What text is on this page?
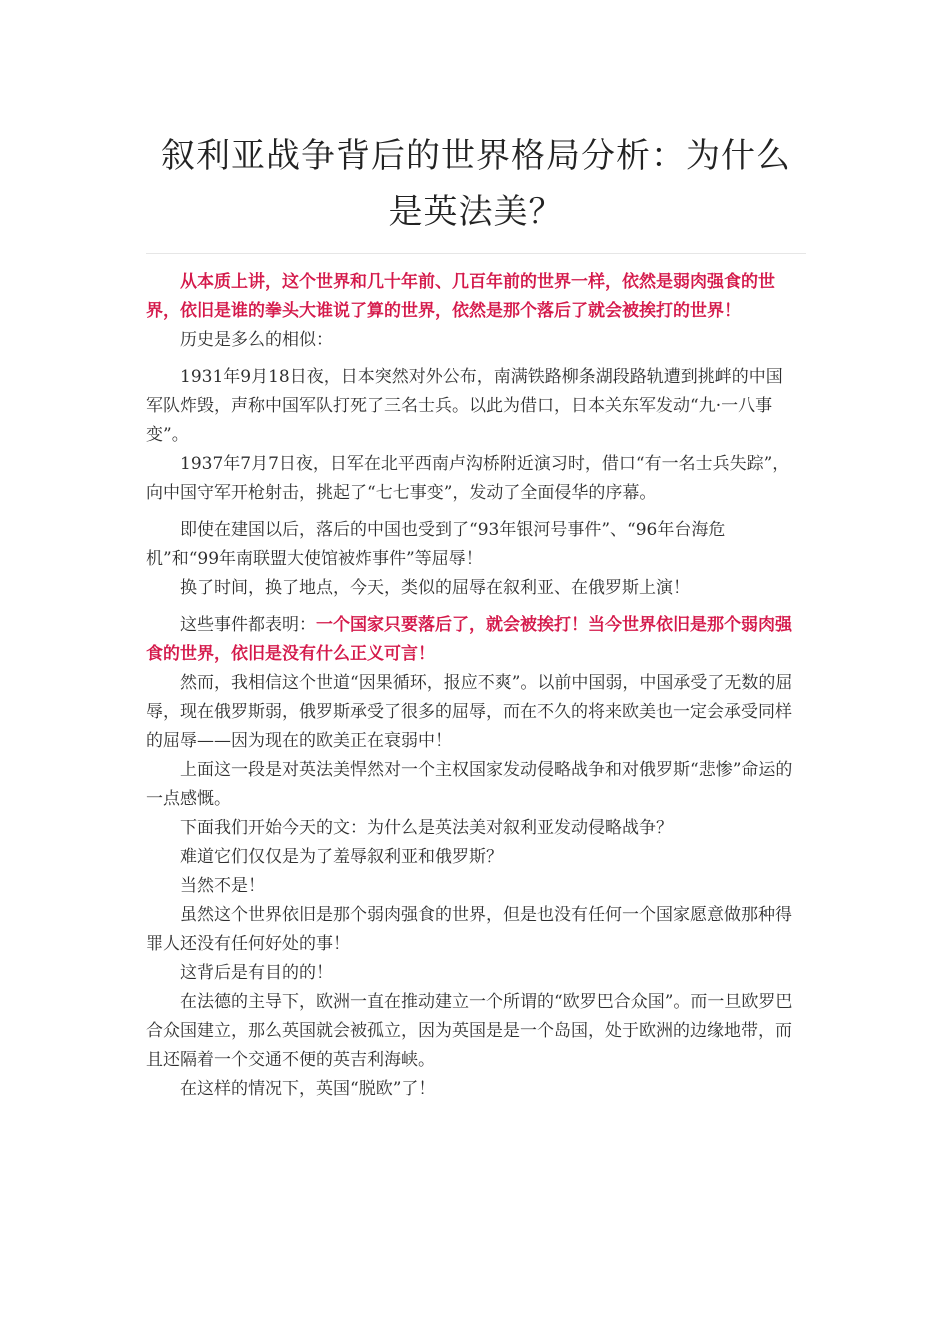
叙利亚战争背后的世界格局分析：为什么
是英法美？

从本质上讲，这个世界和几十年前、几百年前的世界一样，依然是弱肉强食的世界，依旧是谁的拳头大谁说了算的世界，依然是那个落后了就会被挨打的世界！

历史是多么的相似：

1931年9月18日夜，日本突然对外公布，南满铁路柳条湖段路轨遭到挑衅的中国军队炸毁，声称中国军队打死了三名士兵。以此为借口，日本关东军发动“九·一八事变”。

1937年7月7日夜，日军在北平西南卢沟桥附近演习时，借口“有一名士兵失踪”，向中国守军开枪射击，挑起了“七七事变”，发动了全面侵华的序幕。

即使在建国以后，落后的中国也受到了“93年银河号事件”、“96年台海危机”和“99年南联盟大使馆被炸事件”等屈辱！

换了时间，换了地点，今天，类似的屈辱在叙利亚、在俄罗斯上演！

这些事件都表明：一个国家只要落后了，就会被挨打！当今世界依旧是那个弱肉强食的世界，依旧是没有什么正义可言！

然而，我相信这个世道“因果循环，报应不爽”。以前中国弱，中国承受了无数的屈辱，现在俄罗斯弱，俄罗斯承受了很多的屈辱，而在不久的将来欧美也一定会承受同样的屈辱——因为现在的欧美正在衰弱中！

上面这一段是对英法美悍然对一个主权国家发动侵略战争和对俄罗斯“悲惨”命运的一点感慨。

下面我们开始今天的文：为什么是英法美对叙利亚发动侵略战争？

难道它们仅仅是为了羞辱叙利亚和俄罗斯？

当然不是！

虽然这个世界依旧是那个弱肉强食的世界，但是也没有任何一个国家愿意做那种得罪人还没有任何好处的事！

这背后是有目的的！

在法德的主导下，欧洲一直在推动建立一个所谓的“欧罗巴合众国”。而一旦欧罗巴合众国建立，那么英国就会被孤立，因为英国是是一个岛国，处于欧洲的边缘地带，而且还隔着一个交通不便的英吉利海峡。

在这样的情况下，英国“脱欧”了！
